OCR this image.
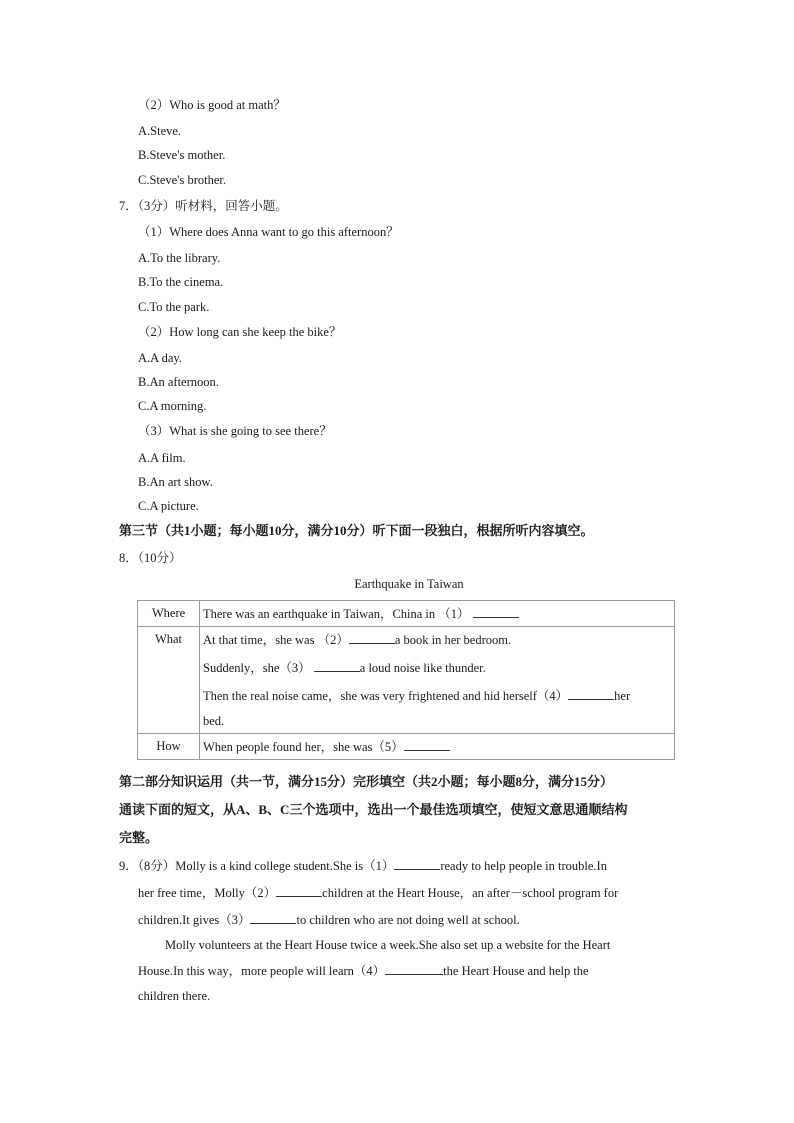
（2）Who is good at math？
A.Steve.
B.Steve's mother.
C.Steve's brother.
7．（3分）听材料，回答小题。
（1）Where does Anna want to go this afternoon？
A.To the library.
B.To the cinema.
C.To the park.
（2）How long can she keep the bike？
A.A day.
B.An afternoon.
C.A morning.
（3）What is she going to see there？
A.A film.
B.An art show.
C.A picture.
第三节（共1小题；每小题10分，满分10分）听下面一段独白，根据所听内容填空。
8．（10分）
Earthquake in Taiwan
Where	There was an earthquake in Taiwan，China in （1）

What	At that time，she was （2） a book in her bedroom.
Suddenly，she（3） a loud noise like thunder.
Then the real noise came，she was very frightened and hid herself（4） her
bed.

How	When people found her，she was（5）
第二部分知识运用（共一节，满分15分）完形填空（共2小题；每小题8分，满分15分）
通读下面的短文，从A、B、C三个选项中，选出一个最佳选项填空，使短文意思通顺结构
完整。
9．（8分）Molly is a kind college student.She is（1）	ready to help people in trouble.In
her free time，Molly（2）	children at the Heart House，an after－school program for
children.It gives（3）	to children who are not doing well at school.
Molly volunteers at the Heart House twice a week.She also set up a website for the Heart
House.In this way，more people will learn（4）	the Heart House and help the
children there.
